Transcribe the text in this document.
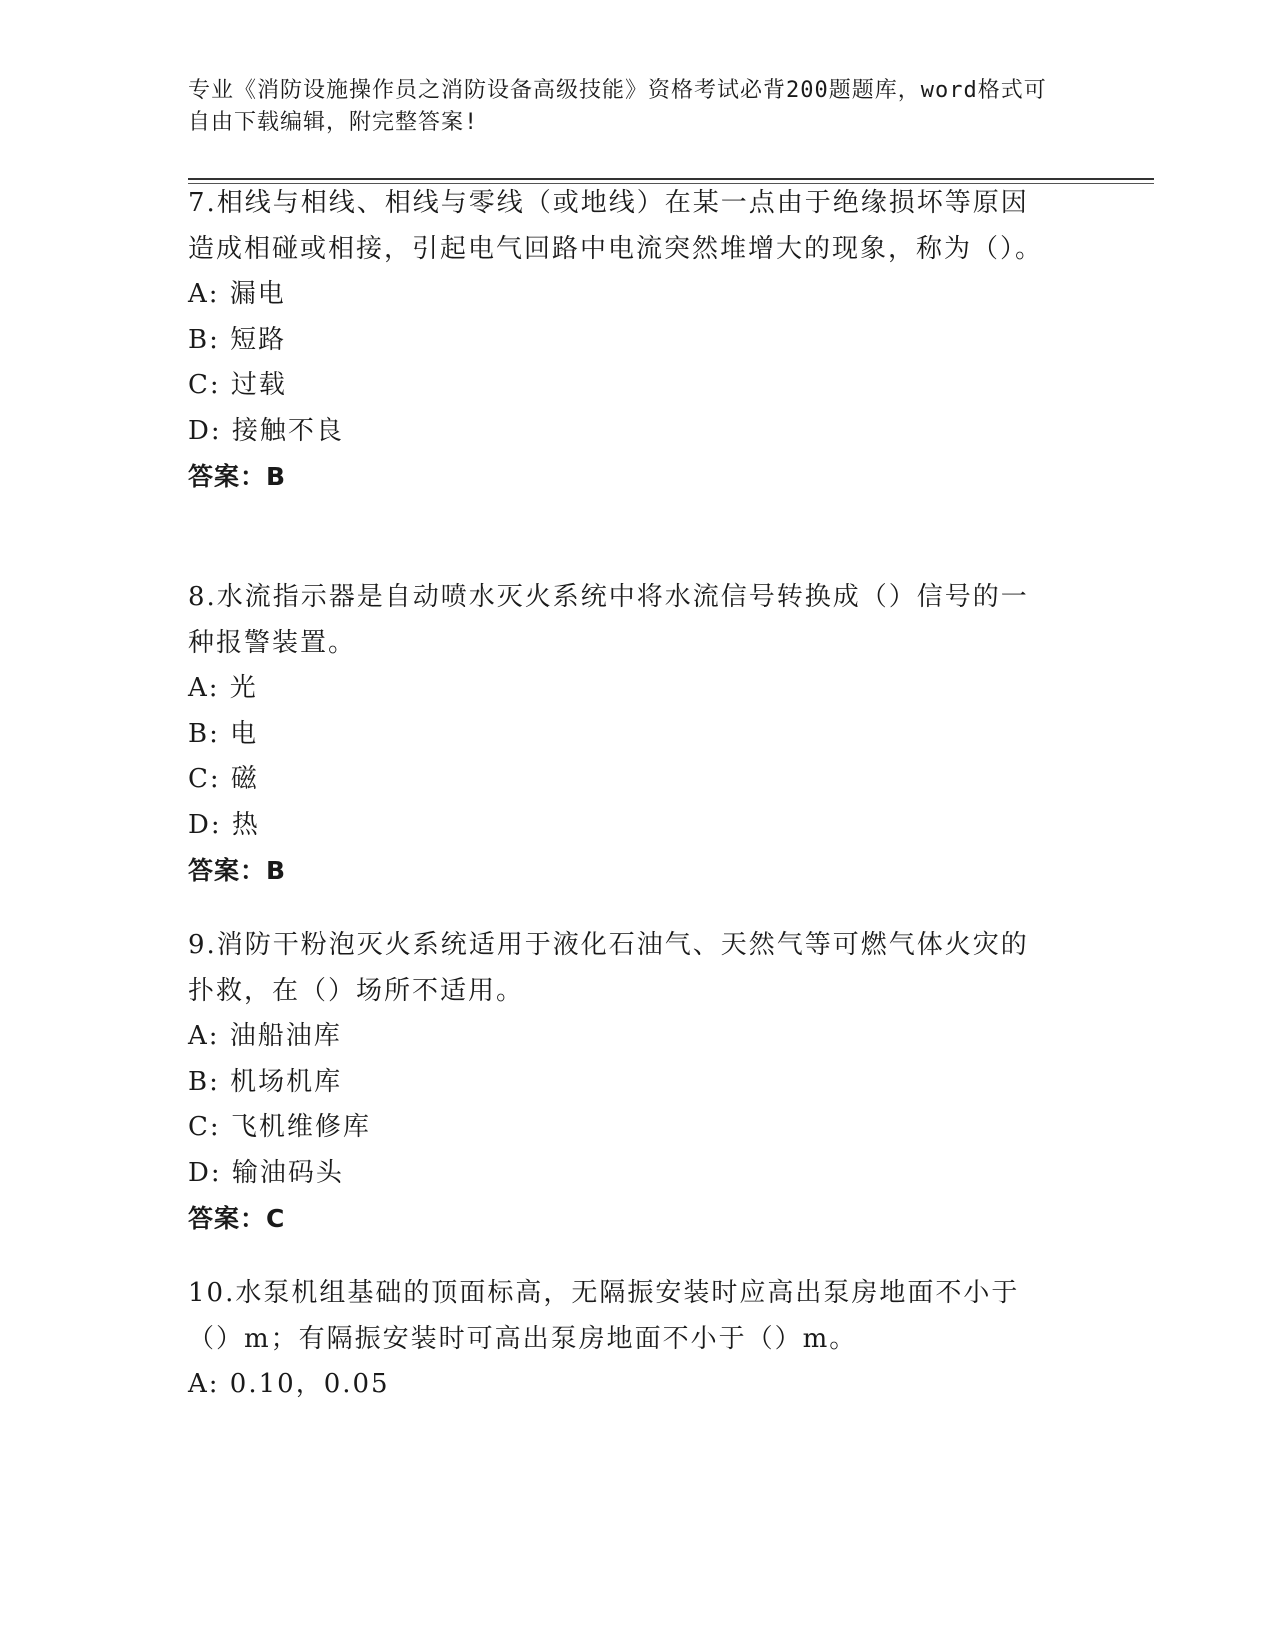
专业《消防设施操作员之消防设备高级技能》资格考试必背200题题库，word格式可自由下载编辑，附完整答案!

7.相线与相线、相线与零线（或地线）在某一点由于绝缘损坏等原因造成相碰或相接，引起电气回路中电流突然堆增大的现象，称为（）。

A: 漏电

B: 短路

C: 过载

D: 接触不良

答案：B

8.水流指示器是自动喷水灭火系统中将水流信号转换成（）信号的一种报警装置。

A: 光

B: 电

C: 磁

D: 热

答案：B

9.消防干粉泡灭火系统适用于液化石油气、天然气等可燃气体火灾的扑救，在（）场所不适用。

A: 油船油库

B: 机场机库

C: 飞机维修库

D: 输油码头

答案：C

10.水泵机组基础的顶面标高，无隔振安装时应高出泵房地面不小于（）m；有隔振安装时可高出泵房地面不小于（）m。

A: 0.10，0.05
